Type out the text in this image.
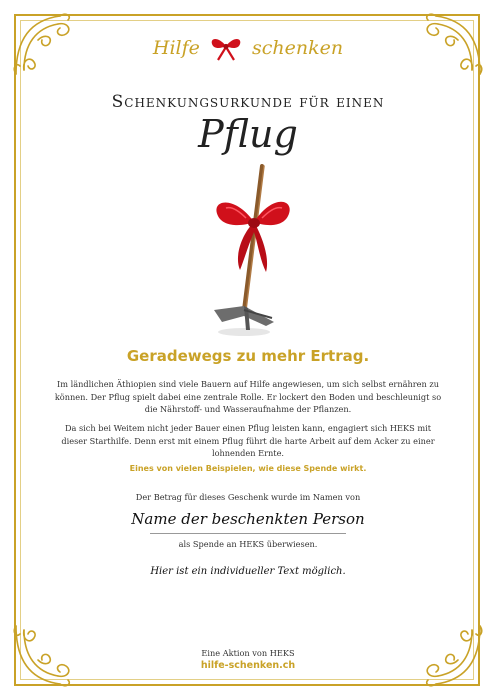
Hilfe	schenken
Schenkungsurkunde für einen
Pflug
Geradewegs zu mehr Ertrag.
Im ländlichen Äthiopien sind viele Bauern auf Hilfe angewiesen, um sich selbst ernähren zu können. Der Pflug spielt dabei eine zentrale Rolle. Er lockert den Boden und beschleunigt so die Nährstoff- und Wasseraufnahme der Pflanzen.
Da sich bei Weitem nicht jeder Bauer einen Pflug leisten kann, engagiert sich HEKS mit dieser Starthilfe. Denn erst mit einem Pflug führt die harte Arbeit auf dem Acker zu einer lohnenden Ernte.
Eines von vielen Beispielen, wie diese Spende wirkt.
Der Betrag für dieses Geschenk wurde im Namen von
Name der beschenkten Person
als Spende an HEKS überwiesen.
Hier ist ein individueller Text möglich.
Eine Aktion von HEKS
hilfe-schenken.ch
